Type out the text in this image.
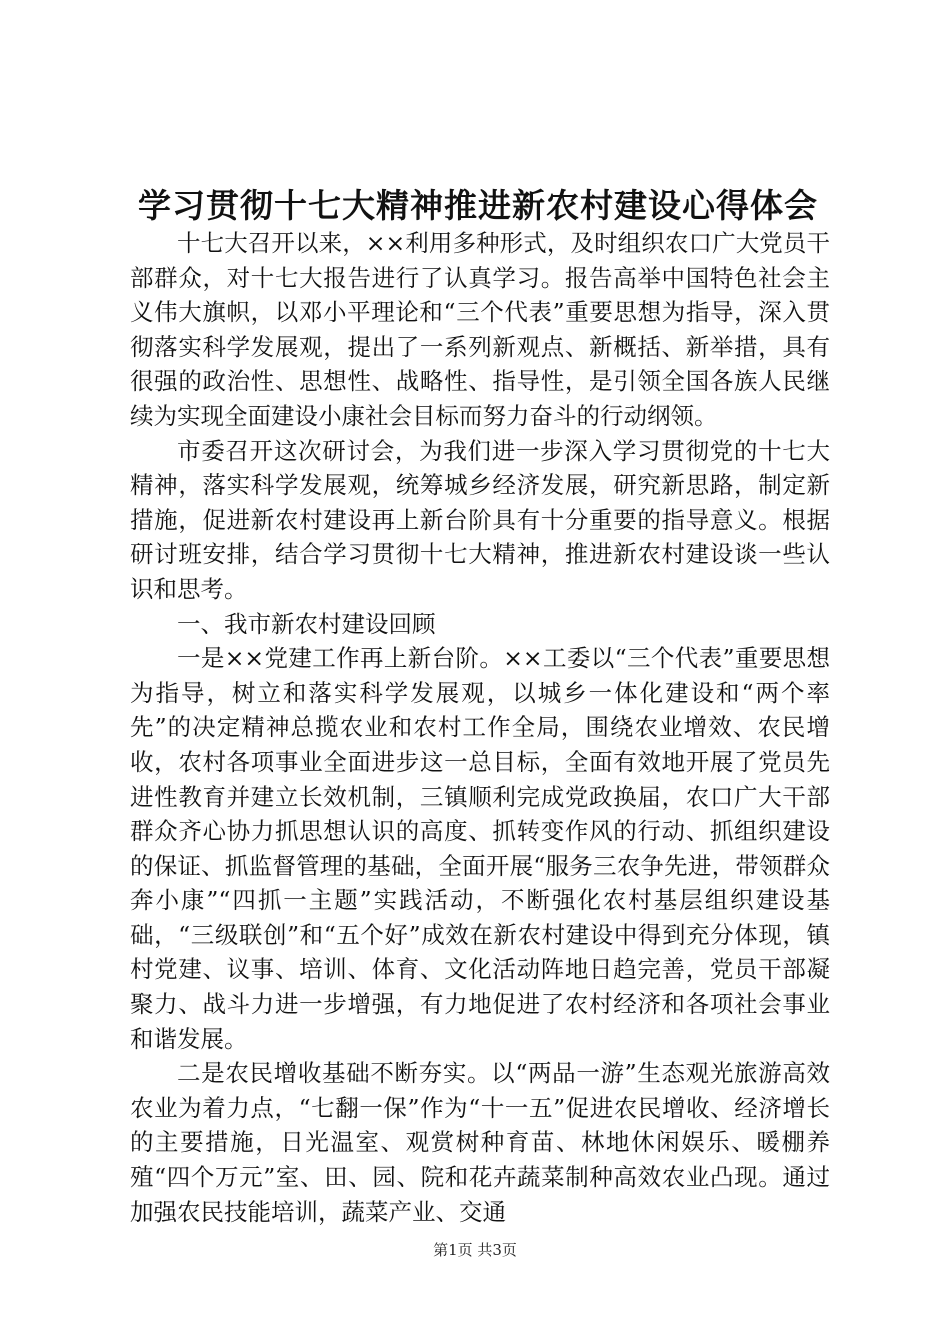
学习贯彻十七大精神推进新农村建设心得体会

十七大召开以来，××利用多种形式，及时组织农口广大党员干部群众，对十七大报告进行了认真学习。报告高举中国特色社会主义伟大旗帜，以邓小平理论和“三个代表”重要思想为指导，深入贯彻落实科学发展观，提出了一系列新观点、新概括、新举措，具有很强的政治性、思想性、战略性、指导性，是引领全国各族人民继续为实现全面建设小康社会目标而努力奋斗的行动纲领。

市委召开这次研讨会，为我们进一步深入学习贯彻党的十七大精神，落实科学发展观，统筹城乡经济发展，研究新思路，制定新措施，促进新农村建设再上新台阶具有十分重要的指导意义。根据研讨班安排，结合学习贯彻十七大精神，推进新农村建设谈一些认识和思考。

一、我市新农村建设回顾

一是××党建工作再上新台阶。××工委以“三个代表”重要思想为指导，树立和落实科学发展观，以城乡一体化建设和“两个率先”的决定精神总揽农业和农村工作全局，围绕农业增效、农民增收，农村各项事业全面进步这一总目标，全面有效地开展了党员先进性教育并建立长效机制，三镇顺利完成党政换届，农口广大干部群众齐心协力抓思想认识的高度、抓转变作风的行动、抓组织建设的保证、抓监督管理的基础，全面开展“服务三农争先进，带领群众奔小康”“四抓一主题”实践活动，不断强化农村基层组织建设基础，“三级联创”和“五个好”成效在新农村建设中得到充分体现，镇村党建、议事、培训、体育、文化活动阵地日趋完善，党员干部凝聚力、战斗力进一步增强，有力地促进了农村经济和各项社会事业和谐发展。

二是农民增收基础不断夯实。以“两品一游”生态观光旅游高效农业为着力点，“七翻一保”作为“十一五”促进农民增收、经济增长的主要措施，日光温室、观赏树种育苗、林地休闲娱乐、暖棚养殖“四个万元”室、田、园、院和花卉蔬菜制种高效农业凸现。通过加强农民技能培训，蔬菜产业、交通

第1页 共3页
